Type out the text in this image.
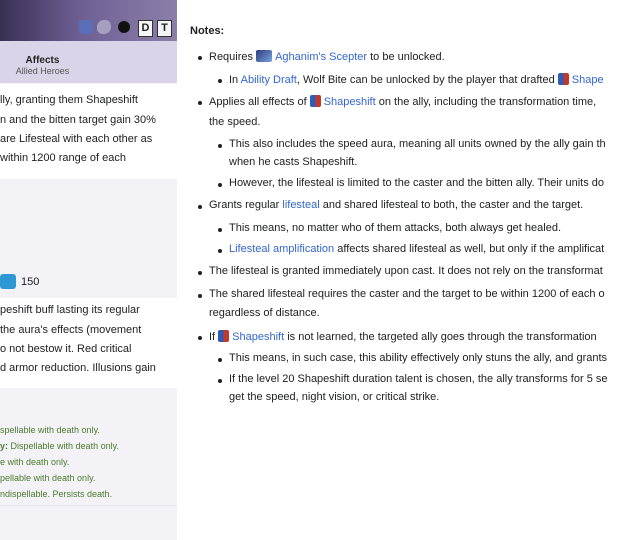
D	T
Affects
Allied Heroes
lly, granting them Shapeshift
n and the bitten target gain 30%
are Lifesteal with each other as
within 1200 range of each
150
peshift buff lasting its regular
the aura's effects (movement
o not bestow it. Red critical
d armor reduction. Illusions gain
spellable with death only.
y: Dispellable with death only.
e with death only.
pellable with death only.
ndispellable. Persists death.
Notes:
Requires Aghanim's Scepter to be unlocked.
In Ability Draft, Wolf Bite can be unlocked by the player that drafted Shape
Applies all effects of Shapeshift on the ally, including the transformation time,
the speed.
This also includes the speed aura, meaning all units owned by the ally gain th
when he casts Shapeshift.
However, the lifesteal is limited to the caster and the bitten ally. Their units do
Grants regular lifesteal and shared lifesteal to both, the caster and the target.
This means, no matter who of them attacks, both always get healed.
Lifesteal amplification affects shared lifesteal as well, but only if the amplificat
The lifesteal is granted immediately upon cast. It does not rely on the transformat
The shared lifesteal requires the caster and the target to be within 1200 of each o
regardless of distance.
If Shapeshift is not learned, the targeted ally goes through the transformation
This means, in such case, this ability effectively only stuns the ally, and grants
If the level 20 Shapeshift duration talent is chosen, the ally transforms for 5 se
get the speed, night vision, or critical strike.
